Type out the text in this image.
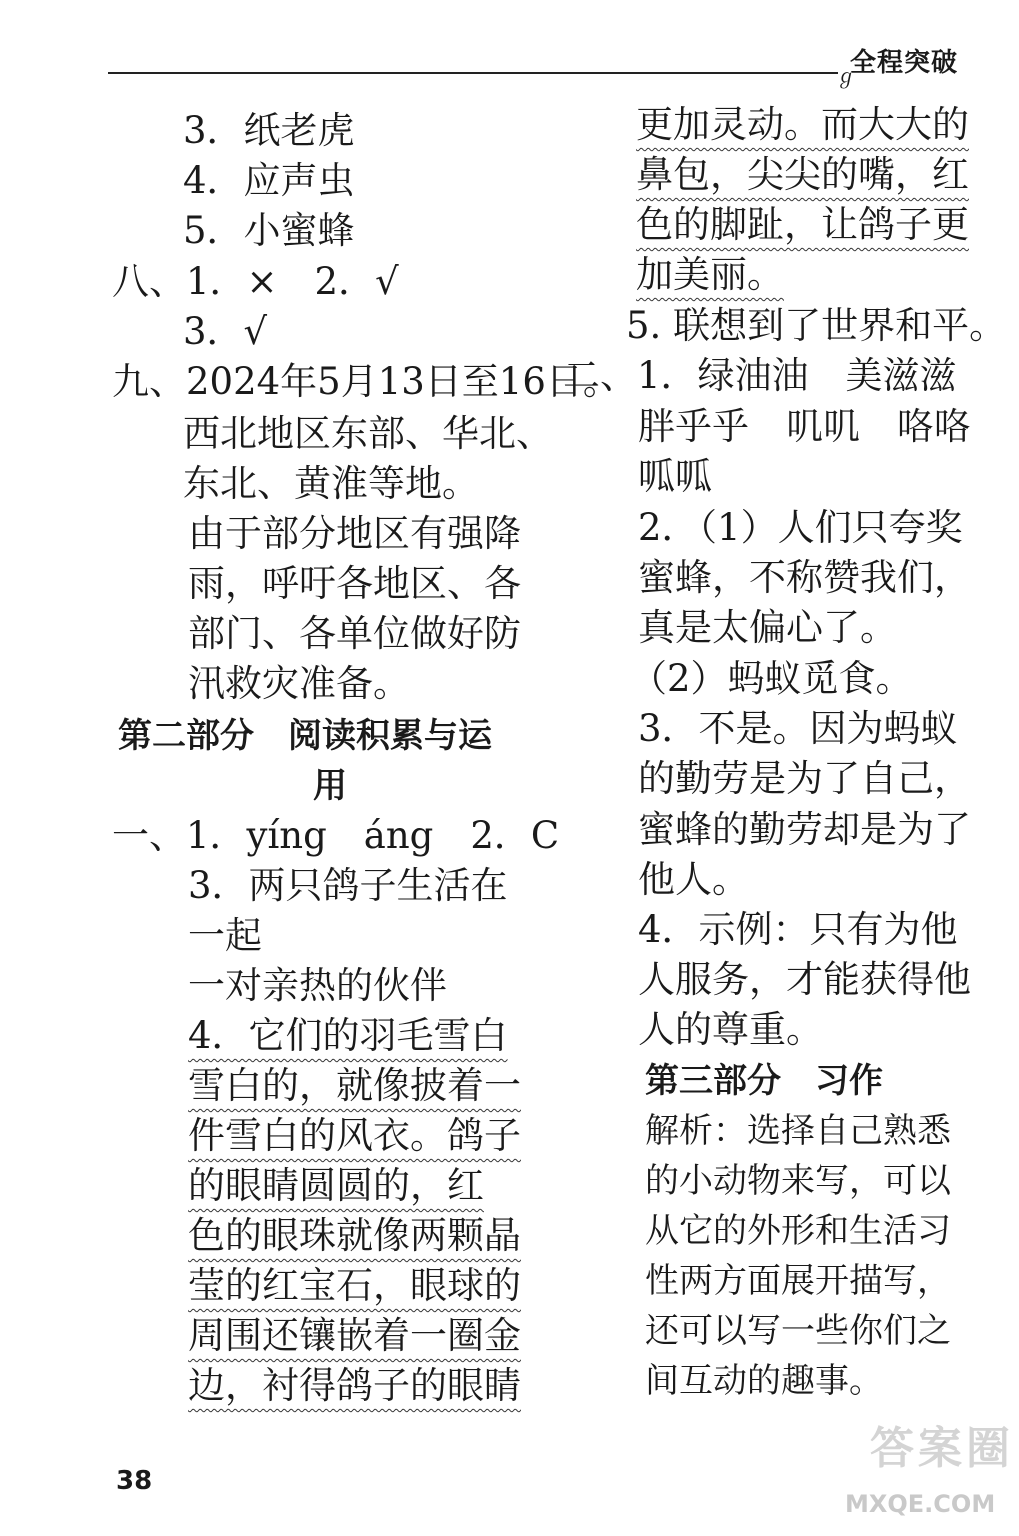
ℊ
全程突破
3．纸老虎
4．应声虫
5．小蜜蜂
八、1．×　2．√
3．√
九、2024年5月13日至16日。
西北地区东部、华北、
东北、黄淮等地。
由于部分地区有强降
雨，呼吁各地区、各
部门、各单位做好防
汛救灾准备。
第二部分　阅读积累与运
用
一、1．yíng　áng　2．C
3．两只鸽子生活在
一起
一对亲热的伙伴
4．它们的羽毛雪白
雪白的，就像披着一
件雪白的风衣。鸽子
的眼睛圆圆的，红
色的眼珠就像两颗晶
莹的红宝石，眼球的
周围还镶嵌着一圈金
边，衬得鸽子的眼睛
更加灵动。而大大的
鼻包，尖尖的嘴，红
色的脚趾，让鸽子更
加美丽。
5. 联想到了世界和平。
二、1．绿油油　美滋滋
胖乎乎　叽叽　咯咯
呱呱
2．（1）人们只夸奖
蜜蜂，不称赞我们，
真是太偏心了。
（2）蚂蚁觅食。
3．不是。因为蚂蚁
的勤劳是为了自己，
蜜蜂的勤劳却是为了
他人。
4．示例：只有为他
人服务，才能获得他
人的尊重。
第三部分　习作
解析：选择自己熟悉
的小动物来写，可以
从它的外形和生活习
性两方面展开描写，
还可以写一些你们之
间互动的趣事。
38
答案圈
MXQE.COM
